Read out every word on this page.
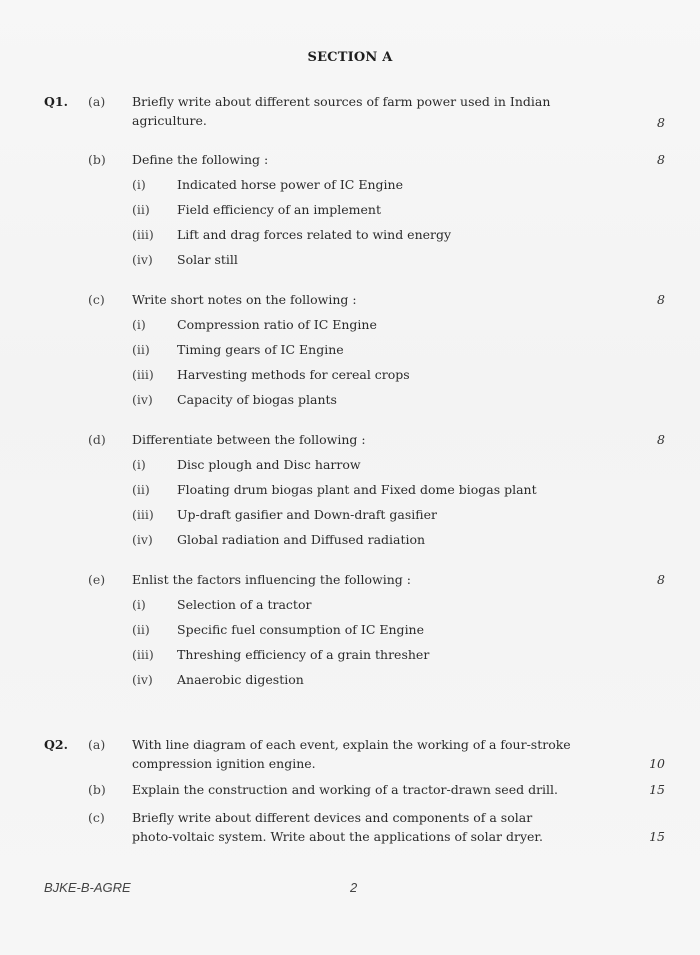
SECTION A
Q1. (a) Briefly write about different sources of farm power used in Indian
agriculture.	8
(b) Define the following :	8
(i) Indicated horse power of IC Engine
(ii) Field efficiency of an implement
(iii) Lift and drag forces related to wind energy
(iv) Solar still
(c) Write short notes on the following :	8
(i) Compression ratio of IC Engine
(ii) Timing gears of IC Engine
(iii) Harvesting methods for cereal crops
(iv) Capacity of biogas plants
(d) Differentiate between the following :	8
(i) Disc plough and Disc harrow
(ii) Floating drum biogas plant and Fixed dome biogas plant
(iii) Up-draft gasifier and Down-draft gasifier
(iv) Global radiation and Diffused radiation
(e) Enlist the factors influencing the following :	8
(i) Selection of a tractor
(ii) Specific fuel consumption of IC Engine
(iii) Threshing efficiency of a grain thresher
(iv) Anaerobic digestion
Q2. (a) With line diagram of each event, explain the working of a four-stroke
compression ignition engine.	10
(b) Explain the construction and working of a tractor-drawn seed drill.	15
(c) Briefly write about different devices and components of a solar
photo-voltaic system. Write about the applications of solar dryer.	15
BJKE-B-AGRE	2
